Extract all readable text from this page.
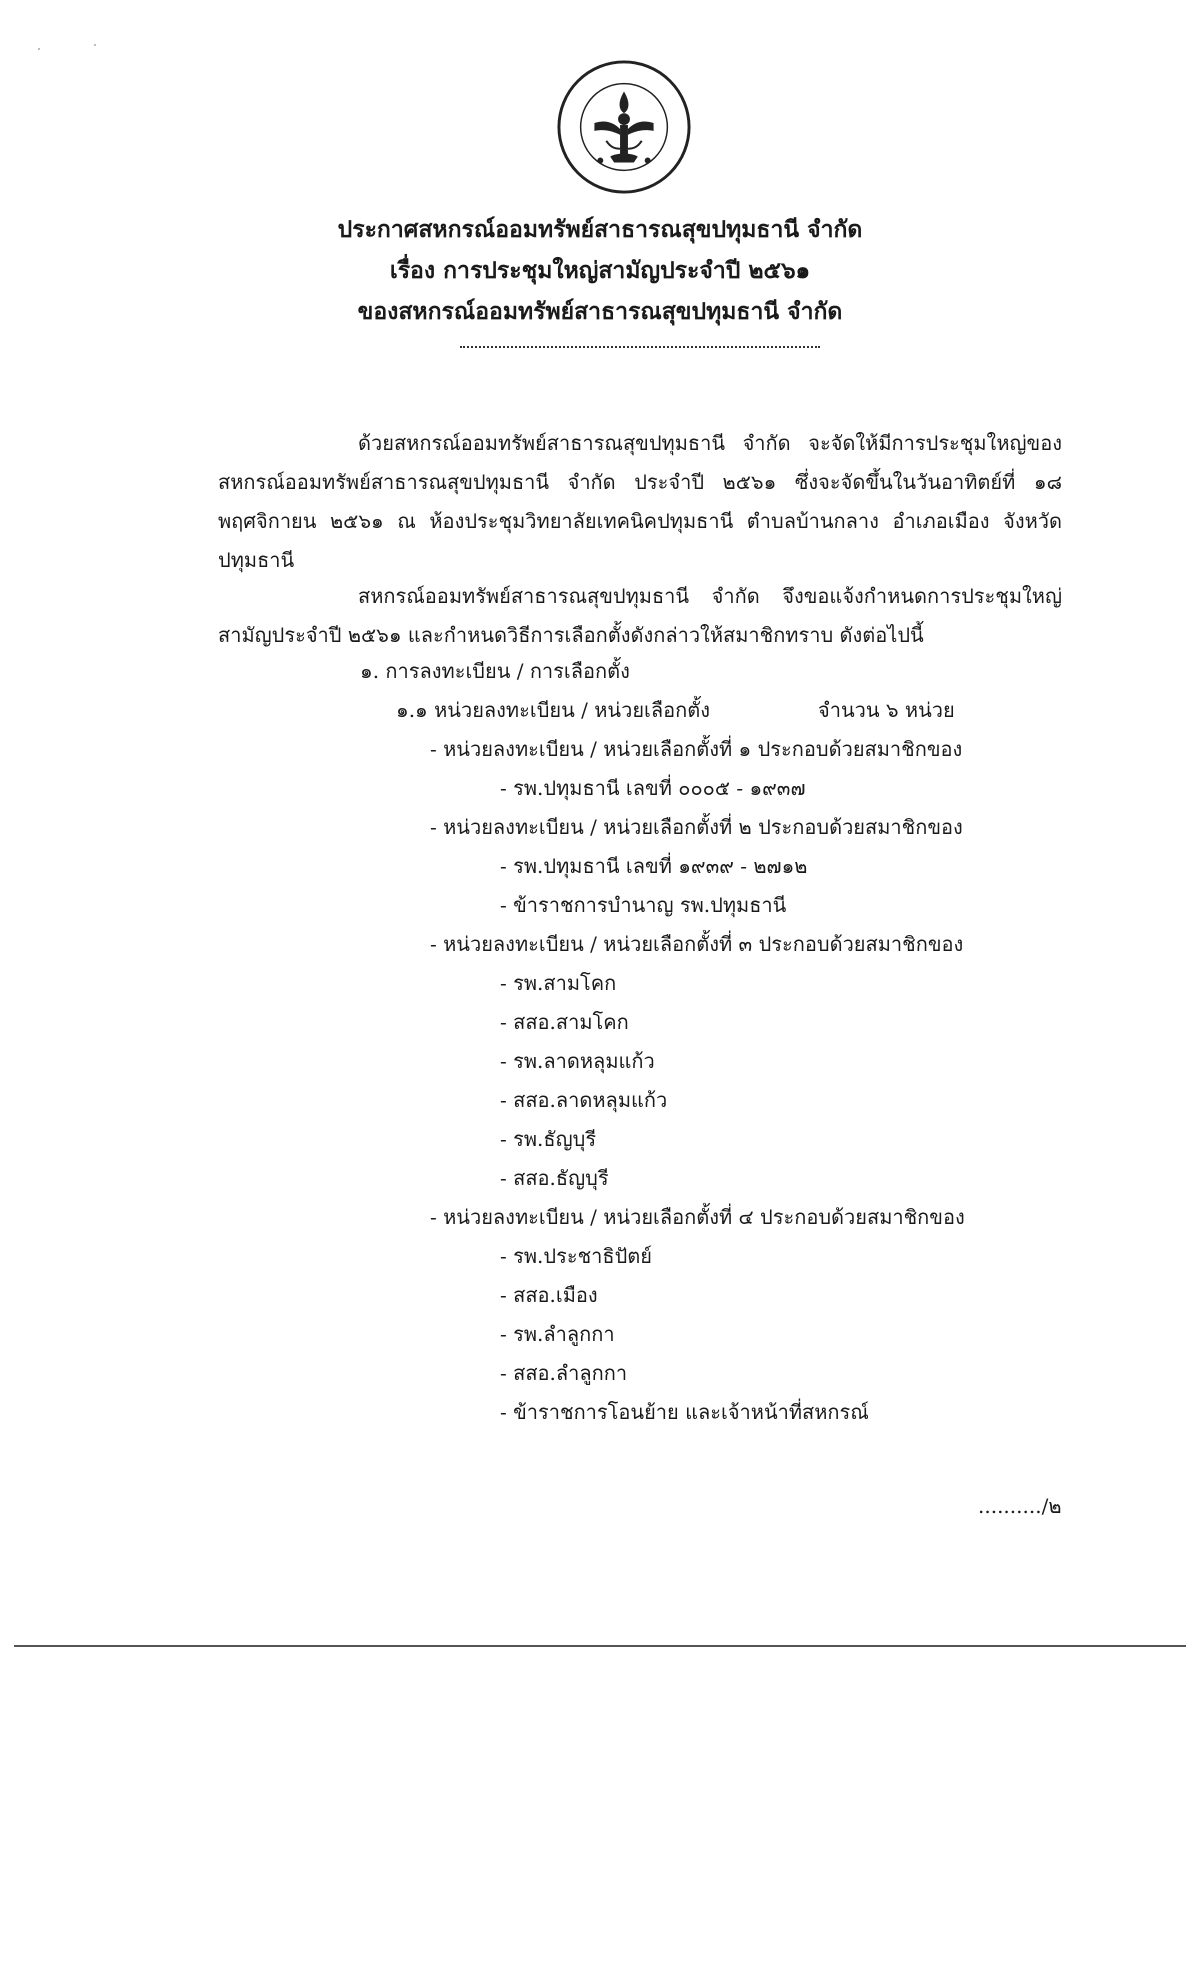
ประกาศสหกรณ์ออมทรัพย์สาธารณสุขปทุมธานี จำกัด
เรื่อง การประชุมใหญ่สามัญประจำปี ๒๕๖๑
ของสหกรณ์ออมทรัพย์สาธารณสุขปทุมธานี จำกัด
ด้วยสหกรณ์ออมทรัพย์สาธารณสุขปทุมธานี จำกัด จะจัดให้มีการประชุมใหญ่ของสหกรณ์ออมทรัพย์สาธารณสุขปทุมธานี จำกัด ประจำปี ๒๕๖๑ ซึ่งจะจัดขึ้นในวันอาทิตย์ที่ ๑๘ พฤศจิกายน ๒๕๖๑ ณ ห้องประชุมวิทยาลัยเทคนิคปทุมธานี ตำบลบ้านกลาง อำเภอเมือง จังหวัดปทุมธานี
สหกรณ์ออมทรัพย์สาธารณสุขปทุมธานี จำกัด จึงขอแจ้งกำหนดการประชุมใหญ่สามัญประจำปี ๒๕๖๑ และกำหนดวิธีการเลือกตั้งดังกล่าวให้สมาชิกทราบ ดังต่อไปนี้
๑. การลงทะเบียน / การเลือกตั้ง
๑.๑ หน่วยลงทะเบียน / หน่วยเลือกตั้ง	จำนวน ๖ หน่วย
- หน่วยลงทะเบียน / หน่วยเลือกตั้งที่ ๑ ประกอบด้วยสมาชิกของ
- รพ.ปทุมธานี เลขที่ ๐๐๐๕ - ๑๙๓๗
- หน่วยลงทะเบียน / หน่วยเลือกตั้งที่ ๒ ประกอบด้วยสมาชิกของ
- รพ.ปทุมธานี เลขที่ ๑๙๓๙ - ๒๗๑๒
- ข้าราชการบำนาญ รพ.ปทุมธานี
- หน่วยลงทะเบียน / หน่วยเลือกตั้งที่ ๓ ประกอบด้วยสมาชิกของ
- รพ.สามโคก
- สสอ.สามโคก
- รพ.ลาดหลุมแก้ว
- สสอ.ลาดหลุมแก้ว
- รพ.ธัญบุรี
- สสอ.ธัญบุรี
- หน่วยลงทะเบียน / หน่วยเลือกตั้งที่ ๔ ประกอบด้วยสมาชิกของ
- รพ.ประชาธิปัตย์
- สสอ.เมือง
- รพ.ลำลูกกา
- สสอ.ลำลูกกา
- ข้าราชการโอนย้าย และเจ้าหน้าที่สหกรณ์
........../๒
